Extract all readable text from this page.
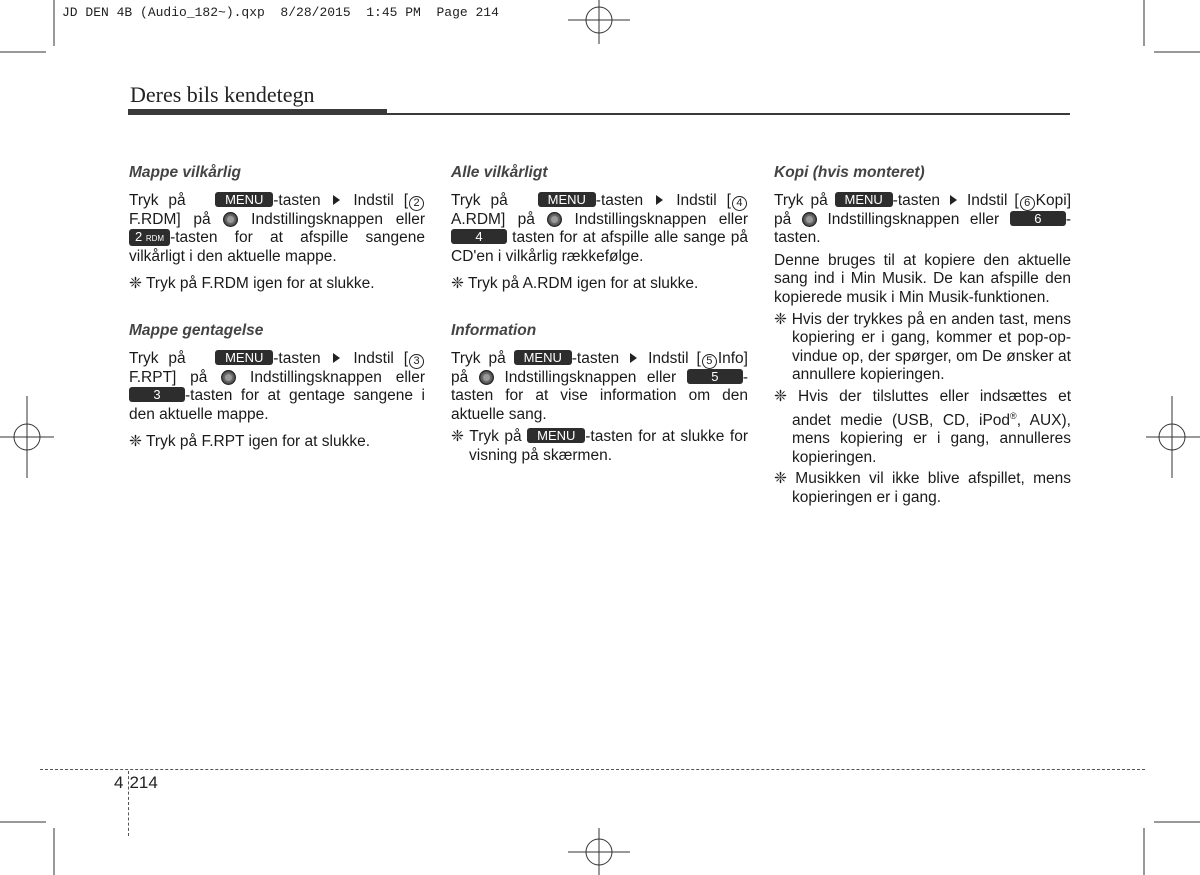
JD DEN 4B (Audio_182~).qxp  8/28/2015  1:45 PM  Page 214
Deres bils kendetegn

Mappe vilkårlig

Tryk på	MENU -tasten Indstil [ 2 F.RDM] på	Indstillingsknappen eller 2 RDM -tasten for at afspille sangene vilkårligt i den aktuelle mappe.

❈ Tryk på F.RDM igen for at slukke.

Mappe gentagelse

Tryk på	MENU -tasten Indstil [ 3 F.RPT] på	Indstillingsknappen eller 3 -tasten for at gentage sangene i den aktuelle mappe.

❈ Tryk på F.RPT igen for at slukke.

Alle vilkårligt

Tryk på	MENU -tasten Indstil [ 4 A.RDM] på	Indstillingsknappen eller 4 tasten for at afspille alle sange på CD'en i vilkårlig rækkefølge.

❈ Tryk på A.RDM igen for at slukke.

Information

Tryk på MENU -tasten Indstil [ 5 Info] på Indstillingsknappen eller	5 -tasten for at vise information om den aktuelle sang.

❈ Tryk på MENU -tasten for at slukke for visning på skærmen.

Kopi (hvis monteret)

Tryk på MENU -tasten Indstil [ 6 Kopi] på Indstillingsknappen eller	6 -tasten.

Denne bruges til at kopiere den aktuelle sang ind i Min Musik. De kan afspille den kopierede musik i Min Musik-funktionen.

❈ Hvis der trykkes på en anden tast, mens kopiering er i gang, kommer et pop-op-vindue op, der spørger, om De ønsker at annullere kopieringen.

❈ Hvis der tilsluttes eller indsættes et andet medie (USB, CD, iPod®, AUX), mens kopiering er i gang, annulleres kopieringen.

❈ Musikken vil ikke blive afspillet, mens kopieringen er i gang.

4 214
